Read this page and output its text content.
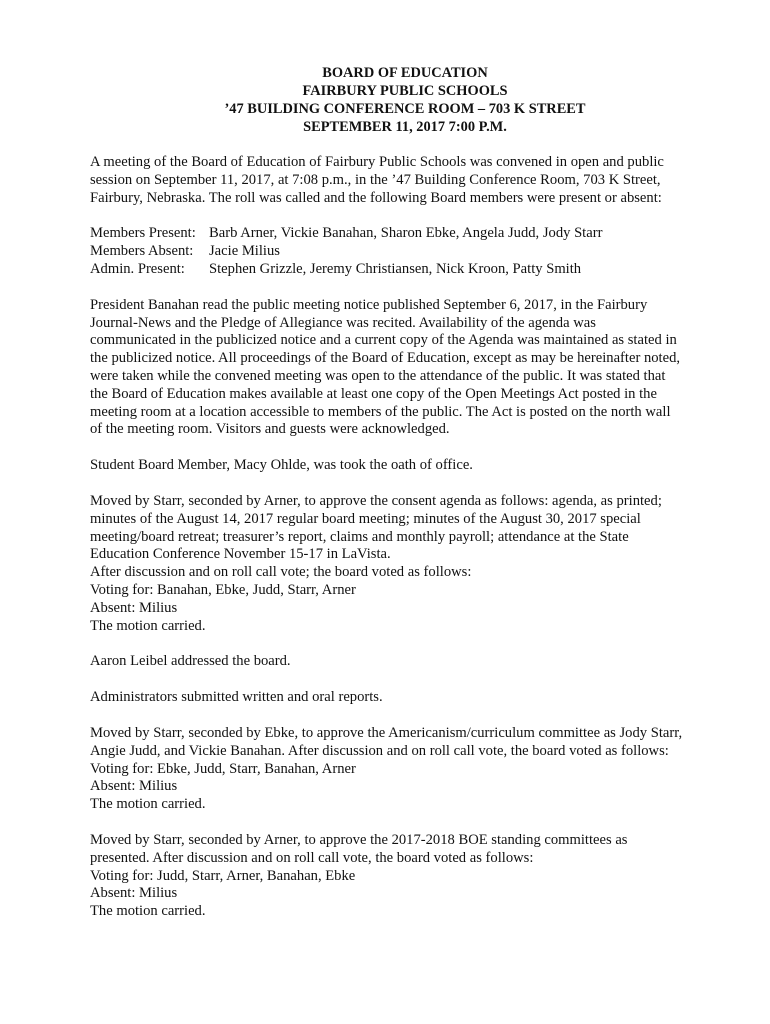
BOARD OF EDUCATION
FAIRBURY PUBLIC SCHOOLS
’47 BUILDING CONFERENCE ROOM – 703 K STREET
SEPTEMBER 11, 2017 7:00 P.M.

A meeting of the Board of Education of Fairbury Public Schools was convened in open and public
session on September 11, 2017, at 7:08 p.m., in the ’47 Building Conference Room, 703 K Street,
Fairbury, Nebraska. The roll was called and the following Board members were present or absent:

Members Present: Barb Arner, Vickie Banahan, Sharon Ebke, Angela Judd, Jody Starr
Members Absent:	Jacie Milius
Admin. Present:	Stephen Grizzle, Jeremy Christiansen, Nick Kroon, Patty Smith

President Banahan read the public meeting notice published September 6, 2017, in the Fairbury
Journal-News and the Pledge of Allegiance was recited. Availability of the agenda was
communicated in the publicized notice and a current copy of the Agenda was maintained as stated in
the publicized notice. All proceedings of the Board of Education, except as may be hereinafter noted,
were taken while the convened meeting was open to the attendance of the public. It was stated that
the Board of Education makes available at least one copy of the Open Meetings Act posted in the
meeting room at a location accessible to members of the public. The Act is posted on the north wall
of the meeting room. Visitors and guests were acknowledged.

Student Board Member, Macy Ohlde, was took the oath of office.

Moved by Starr, seconded by Arner, to approve the consent agenda as follows: agenda, as printed;
minutes of the August 14, 2017 regular board meeting; minutes of the August 30, 2017 special
meeting/board retreat; treasurer’s report, claims and monthly payroll; attendance at the State
Education Conference November 15-17 in LaVista.
After discussion and on roll call vote; the board voted as follows:
Voting for: Banahan, Ebke, Judd, Starr, Arner
Absent: Milius
The motion carried.

Aaron Leibel addressed the board.

Administrators submitted written and oral reports.

Moved by Starr, seconded by Ebke, to approve the Americanism/curriculum committee as Jody Starr,
Angie Judd, and Vickie Banahan. After discussion and on roll call vote, the board voted as follows:
Voting for: Ebke, Judd, Starr, Banahan, Arner
Absent: Milius
The motion carried.
Moved by Starr, seconded by Arner, to approve the 2017-2018 BOE standing committees as
presented. After discussion and on roll call vote, the board voted as follows:
Voting for: Judd, Starr, Arner, Banahan, Ebke
Absent: Milius
The motion carried.
